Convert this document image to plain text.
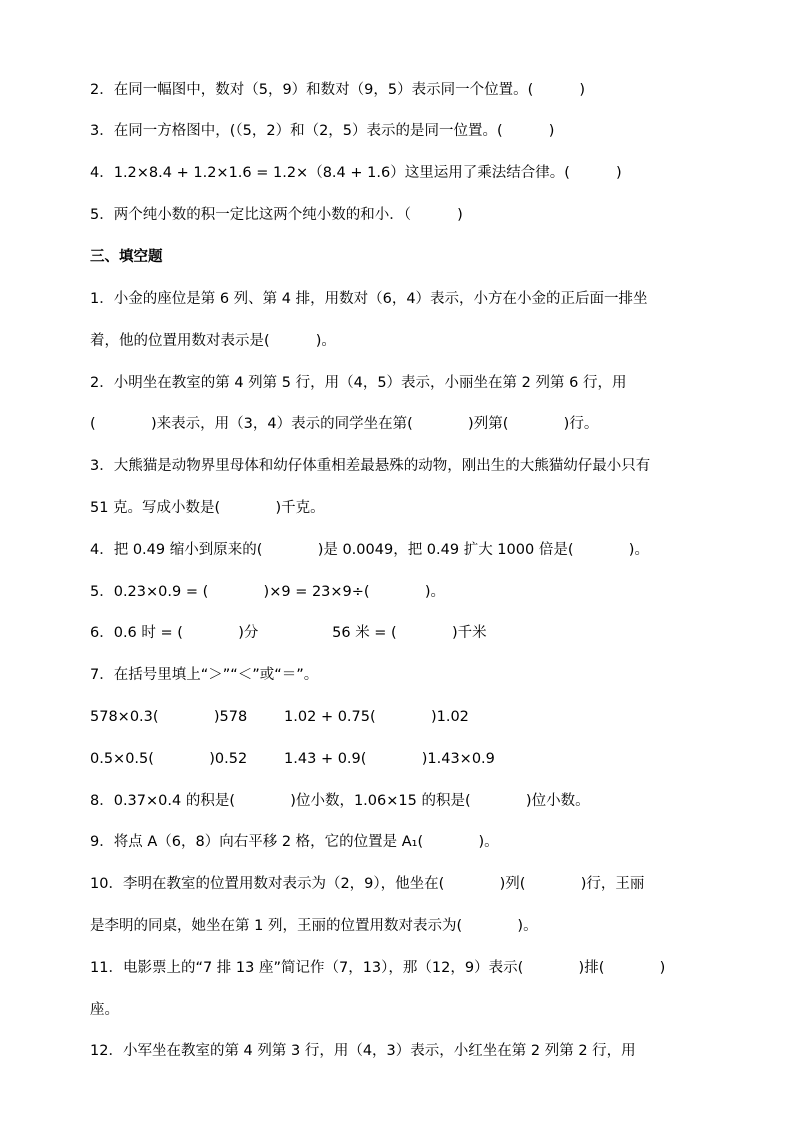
2．在同一幅图中，数对（5，9）和数对（9，5）表示同一个位置。(          )
3．在同一方格图中，(（5，2）和（2，5）表示的是同一位置。(          )
4．1.2×8.4 + 1.2×1.6 = 1.2×（8.4 + 1.6）这里运用了乘法结合律。(          )
5．两个纯小数的积一定比这两个纯小数的和小．（          )
三、填空题
1．小金的座位是第 6 列、第 4 排，用数对（6，4）表示，小方在小金的正后面一排坐
着，他的位置用数对表示是(          )。
2．小明坐在教室的第 4 列第 5 行，用（4，5）表示，小丽坐在第 2 列第 6 行，用
(            )来表示，用（3，4）表示的同学坐在第(            )列第(            )行。
3．大熊猫是动物界里母体和幼仔体重相差最悬殊的动物，刚出生的大熊猫幼仔最小只有
51 克。写成小数是(            )千克。
4．把 0.49 缩小到原来的(            )是 0.0049，把 0.49 扩大 1000 倍是(            )。
5．0.23×0.9 = (            )×9 = 23×9÷(            )。
6．0.6 时 = (            )分                56 米 = (            )千米
7．在括号里填上“＞”“＜”或“＝”。
578×0.3(            )578        1.02 + 0.75(            )1.02
0.5×0.5(            )0.52        1.43 + 0.9(            )1.43×0.9
8．0.37×0.4 的积是(            )位小数，1.06×15 的积是(            )位小数。
9．将点 A（6，8）向右平移 2 格，它的位置是 A₁(            )。
10．李明在教室的位置用数对表示为（2，9），他坐在(            )列(            )行，王丽
是李明的同桌，她坐在第 1 列，王丽的位置用数对表示为(            )。
11．电影票上的“7 排 13 座”简记作（7，13），那（12，9）表示(            )排(            )
座。
12．小军坐在教室的第 4 列第 3 行，用（4，3）表示，小红坐在第 2 列第 2 行，用
